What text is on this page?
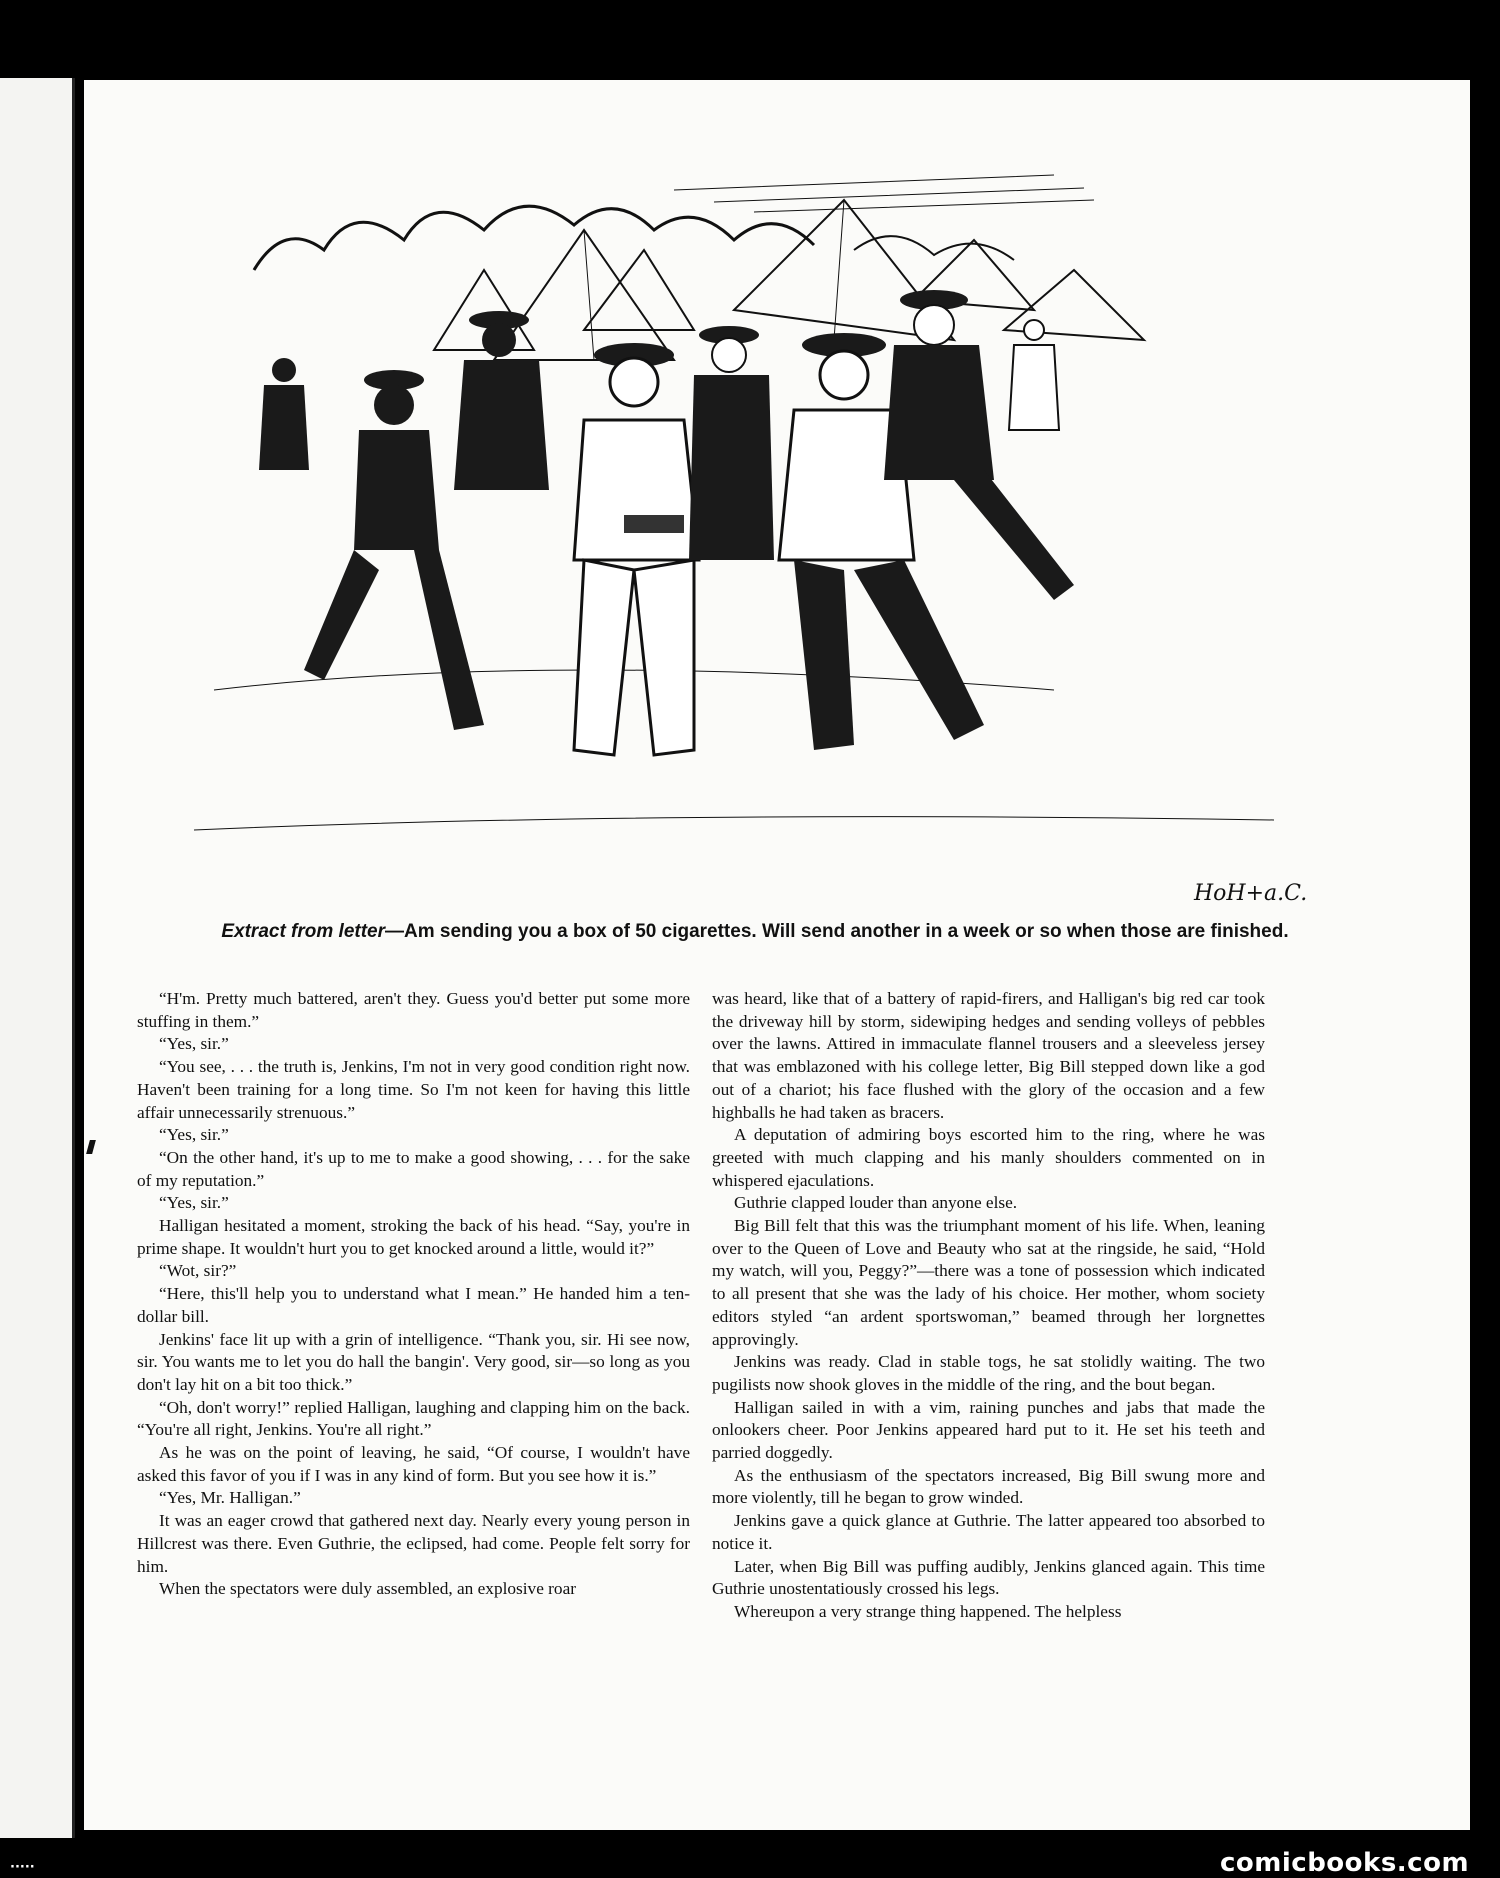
HoH+a.C.
Extract from letter—Am sending you a box of 50 cigarettes. Will send another in a week or so when those are finished.

“H'm. Pretty much battered, aren't they. Guess you'd better put some more stuffing in them.”

“Yes, sir.”

“You see, . . . the truth is, Jenkins, I'm not in very good condition right now. Haven't been training for a long time. So I'm not keen for having this little affair unnecessarily strenuous.”

“Yes, sir.”

“On the other hand, it's up to me to make a good showing, . . . for the sake of my reputation.”

“Yes, sir.”

Halligan hesitated a moment, stroking the back of his head. “Say, you're in prime shape. It wouldn't hurt you to get knocked around a little, would it?”

“Wot, sir?”

“Here, this'll help you to understand what I mean.” He handed him a ten-dollar bill.

Jenkins' face lit up with a grin of intelligence. “Thank you, sir. Hi see now, sir. You wants me to let you do hall the bangin'. Very good, sir—so long as you don't lay hit on a bit too thick.”

“Oh, don't worry!” replied Halligan, laughing and clapping him on the back. “You're all right, Jenkins. You're all right.”

As he was on the point of leaving, he said, “Of course, I wouldn't have asked this favor of you if I was in any kind of form. But you see how it is.”

“Yes, Mr. Halligan.”

It was an eager crowd that gathered next day. Nearly every young person in Hillcrest was there. Even Guthrie, the eclipsed, had come. People felt sorry for him.

When the spectators were duly assembled, an explosive roar

was heard, like that of a battery of rapid-firers, and Halligan's big red car took the driveway hill by storm, sidewiping hedges and sending volleys of pebbles over the lawns. Attired in immaculate flannel trousers and a sleeveless jersey that was emblazoned with his college letter, Big Bill stepped down like a god out of a chariot; his face flushed with the glory of the occasion and a few highballs he had taken as bracers.

A deputation of admiring boys escorted him to the ring, where he was greeted with much clapping and his manly shoulders commented on in whispered ejaculations.

Guthrie clapped louder than anyone else.

Big Bill felt that this was the triumphant moment of his life. When, leaning over to the Queen of Love and Beauty who sat at the ringside, he said, “Hold my watch, will you, Peggy?”—there was a tone of possession which indicated to all present that she was the lady of his choice. Her mother, whom society editors styled “an ardent sportswoman,” beamed through her lorgnettes approvingly.

Jenkins was ready. Clad in stable togs, he sat stolidly waiting. The two pugilists now shook gloves in the middle of the ring, and the bout began.

Halligan sailed in with a vim, raining punches and jabs that made the onlookers cheer. Poor Jenkins appeared hard put to it. He set his teeth and parried doggedly.

As the enthusiasm of the spectators increased, Big Bill swung more and more violently, till he began to grow winded.

Jenkins gave a quick glance at Guthrie. The latter appeared too absorbed to notice it.

Later, when Big Bill was puffing audibly, Jenkins glanced again. This time Guthrie unostentatiously crossed his legs.

Whereupon a very strange thing happened. The helpless

·····	comicbooks.com
